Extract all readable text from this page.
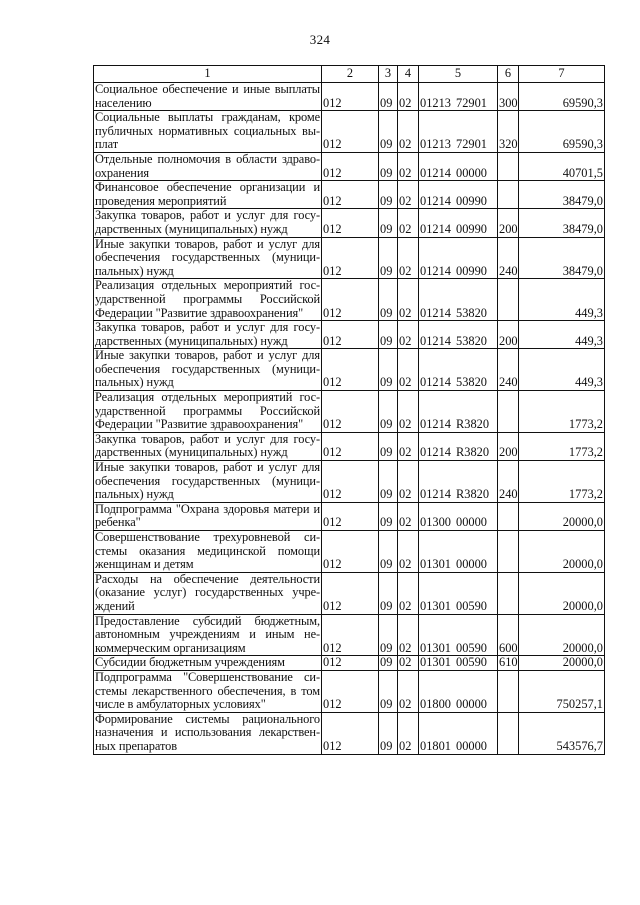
324
1	2	3	4	5	6	7
Социальное обеспечение и иные выплаты населению	012	09	02	01213 72901	300	69590,3
Социальные выплаты гражданам, кроме публичных нормативных социальных вы-плат	012	09	02	01213 72901	320	69590,3
Отдельные полномочия в области здраво-охранения	012	09	02	01214 00000		40701,5
Финансовое обеспечение организации и проведения мероприятий	012	09	02	01214 00990		38479,0
Закупка товаров, работ и услуг для госу-дарственных (муниципальных) нужд	012	09	02	01214 00990	200	38479,0
Иные закупки товаров, работ и услуг для обеспечения государственных (муници-пальных) нужд	012	09	02	01214 00990	240	38479,0
Реализация отдельных мероприятий гос-ударственной программы Российской Федерации "Развитие здравоохранения"	012	09	02	01214 53820		449,3
Закупка товаров, работ и услуг для госу-дарственных (муниципальных) нужд	012	09	02	01214 53820	200	449,3
Иные закупки товаров, работ и услуг для обеспечения государственных (муници-пальных) нужд	012	09	02	01214 53820	240	449,3
Реализация отдельных мероприятий гос-ударственной программы Российской Федерации "Развитие здравоохранения"	012	09	02	01214 R3820		1773,2
Закупка товаров, работ и услуг для госу-дарственных (муниципальных) нужд	012	09	02	01214 R3820	200	1773,2
Иные закупки товаров, работ и услуг для обеспечения государственных (муници-пальных) нужд	012	09	02	01214 R3820	240	1773,2
Подпрограмма "Охрана здоровья матери и ребенка"	012	09	02	01300 00000		20000,0
Совершенствование трехуровневой си-стемы оказания медицинской помощи женщинам и детям	012	09	02	01301 00000		20000,0
Расходы на обеспечение деятельности (оказание услуг) государственных учре-ждений	012	09	02	01301 00590		20000,0
Предоставление субсидий бюджетным, автономным учреждениям и иным не-коммерческим организациям	012	09	02	01301 00590	600	20000,0
Субсидии бюджетным учреждениям	012	09	02	01301 00590	610	20000,0
Подпрограмма "Совершенствование си-стемы лекарственного обеспечения, в том числе в амбулаторных условиях"	012	09	02	01800 00000		750257,1
Формирование системы рационального назначения и использования лекарствен-ных препаратов	012	09	02	01801 00000		543576,7
